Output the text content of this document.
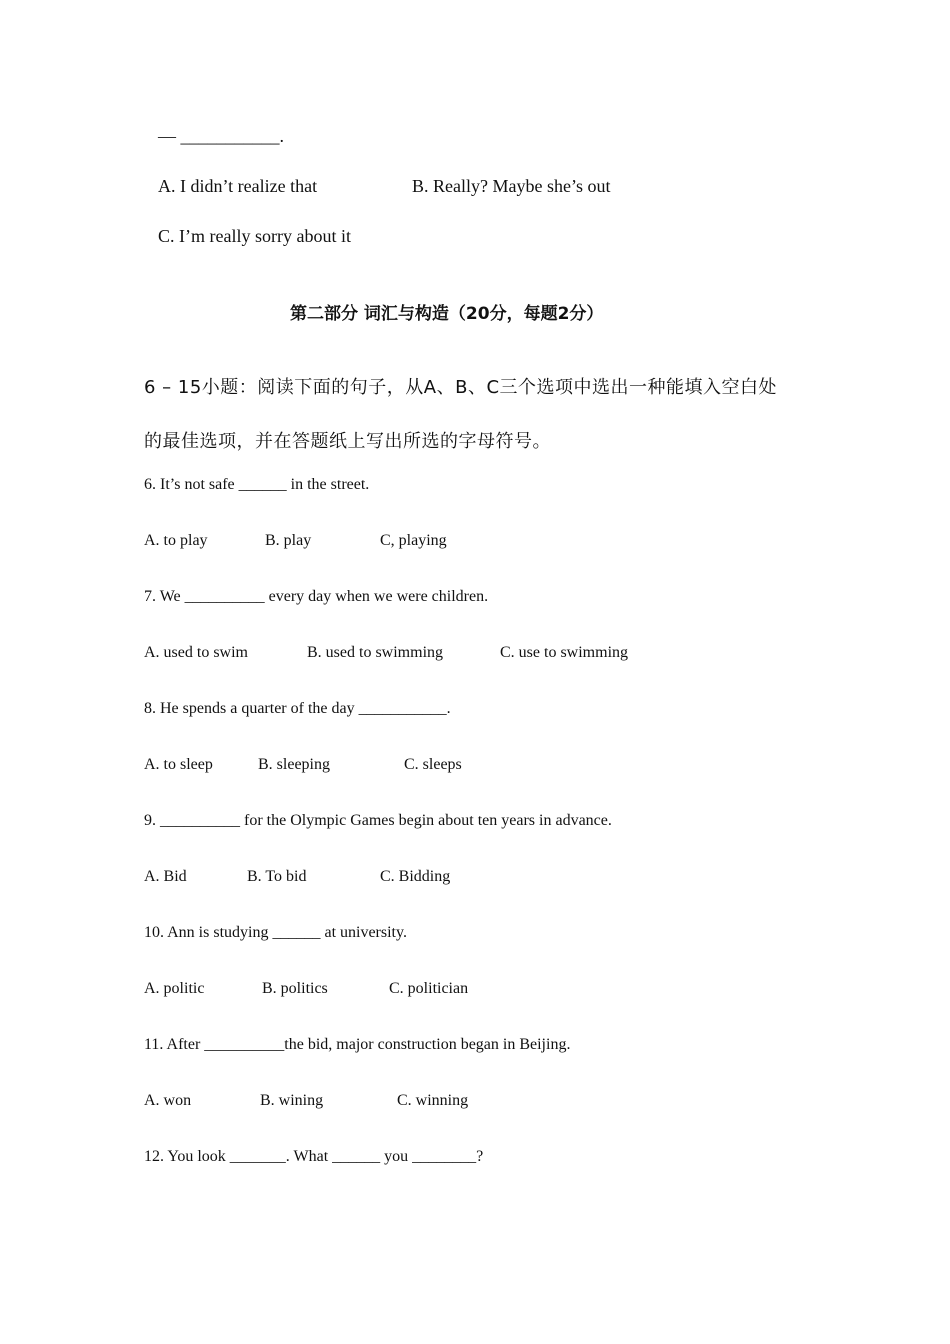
— ___________.
A. I didn’t realize that	B. Really? Maybe she’s out
C. I’m really sorry about it
第二部分 词汇与构造（20分，每题2分）
6 – 15小题：阅读下面的句子，从A、B、C三个选项中选出一种能填入空白处
的最佳选项，并在答题纸上写出所选的字母符号。
6. It’s not safe ______ in the street.
A. to play	B. play	C, playing
7. We __________ every day when we were children.
A. used to swim	B. used to swimming	C. use to swimming
8. He spends a quarter of the day ___________.
A. to sleep	B. sleeping	C. sleeps
9. __________ for the Olympic Games begin about ten years in advance.
A. Bid	B. To bid	C. Bidding
10. Ann is studying ______ at university.
A. politic	B. politics	C. politician
11. After __________the bid, major construction began in Beijing.
A. won	B. wining	C. winning
12. You look _______. What ______ you ________?
